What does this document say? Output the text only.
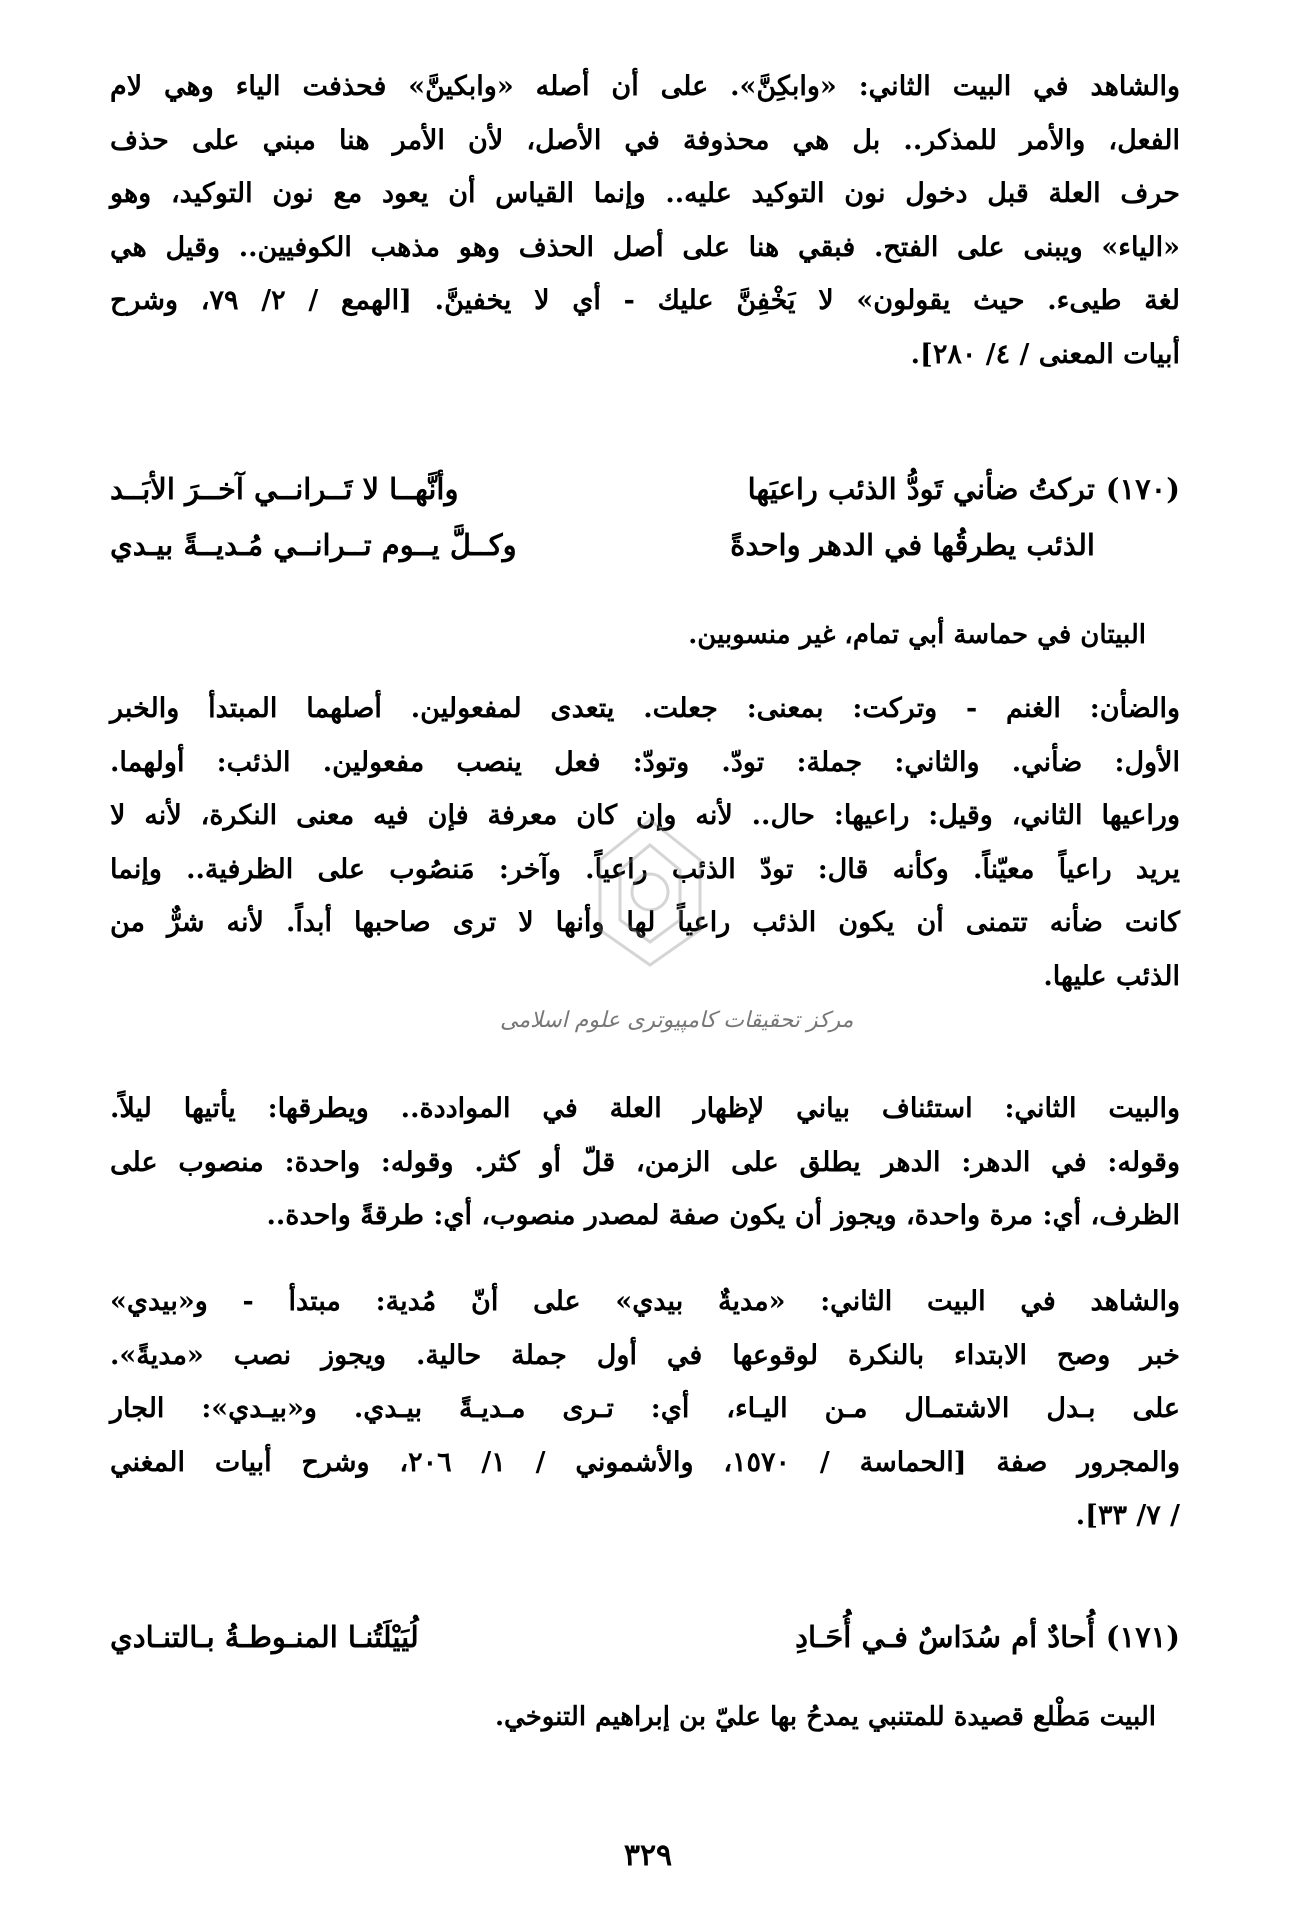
والشاهد في البيت الثاني: «وابكِنَّ». على أن أصله «وابكينَّ» فحذفت الياء وهي لام
الفعل، والأمر للمذكر.. بل هي محذوفة في الأصل، لأن الأمر هنا مبني على حذف
حرف العلة قبل دخول نون التوكيد عليه.. وإنما القياس أن يعود مع نون التوكيد، وهو
«الياء» ويبنى على الفتح. فبقي هنا على أصل الحذف وهو مذهب الكوفيين.. وقيل هي
لغة طيىء. حيث يقولون» لا يَخْفِنَّ عليك - أي لا يخفينَّ. [الهمع / ٢/ ٧٩، وشرح
أبيات المعنى / ٤/ ٢٨٠].

(١٧٠)
تركتُ ضأني تَودُّ الذئب راعيَها
وأنَّهــا لا تَــرانــي آخــرَ الأبَــد
الذئب يطرقُها في الدهر واحدةً
وكــلَّ يــوم تــرانــي مُـديــةً بيـدي
البيتان في حماسة أبي تمام، غير منسوبين.

والضأن: الغنم - وتركت: بمعنى: جعلت. يتعدى لمفعولين. أصلهما المبتدأ والخبر
الأول: ضأني. والثاني: جملة: تودّ. وتودّ: فعل ينصب مفعولين. الذئب: أولهما.
وراعيها الثاني، وقيل: راعيها: حال.. لأنه وإن كان معرفة فإن فيه معنى النكرة، لأنه لا
يريد راعياً معيّناً. وكأنه قال: تودّ الذئب راعياً. وآخر: مَنصُوب على الظرفية.. وإنما
كانت ضأنه تتمنى أن يكون الذئب راعياً لها وأنها لا ترى صاحبها أبداً. لأنه شرٌّ من
الذئب عليها.

مرکز تحقیقات کامپیوتری علوم اسلامی

والبيت الثاني: استئناف بياني لإظهار العلة في المواددة.. ويطرقها: يأتيها ليلاً.
وقوله: في الدهر: الدهر يطلق على الزمن، قلّ أو كثر. وقوله: واحدة: منصوب على
الظرف، أي: مرة واحدة، ويجوز أن يكون صفة لمصدر منصوب، أي: طرقةً واحدة..

والشاهد في البيت الثاني: «مديةٌ بيدي» على أنّ مُدية: مبتدأ - و«بيدي»
خبر وصح الابتداء بالنكرة لوقوعها في أول جملة حالية. ويجوز نصب «مديةً».
على بـدل الاشتمـال مـن اليـاء، أي: تـرى مـديـةً بيـدي. و«بيـدي»: الجار
والمجرور صفة [الحماسة / ١٥٧٠، والأشموني / ١/ ٢٠٦، وشرح أبيات المغني
/ ٧/ ٣٣].

(١٧١)
أُحادٌ أم سُدَاسٌ فـي أُحَـادِ
لُيَيْلَتُنـا المنـوطـةُ بـالتنـادي
البيت مَطْلع قصيدة للمتنبي يمدحُ بها عليّ بن إبراهيم التنوخي.
٣٢٩
